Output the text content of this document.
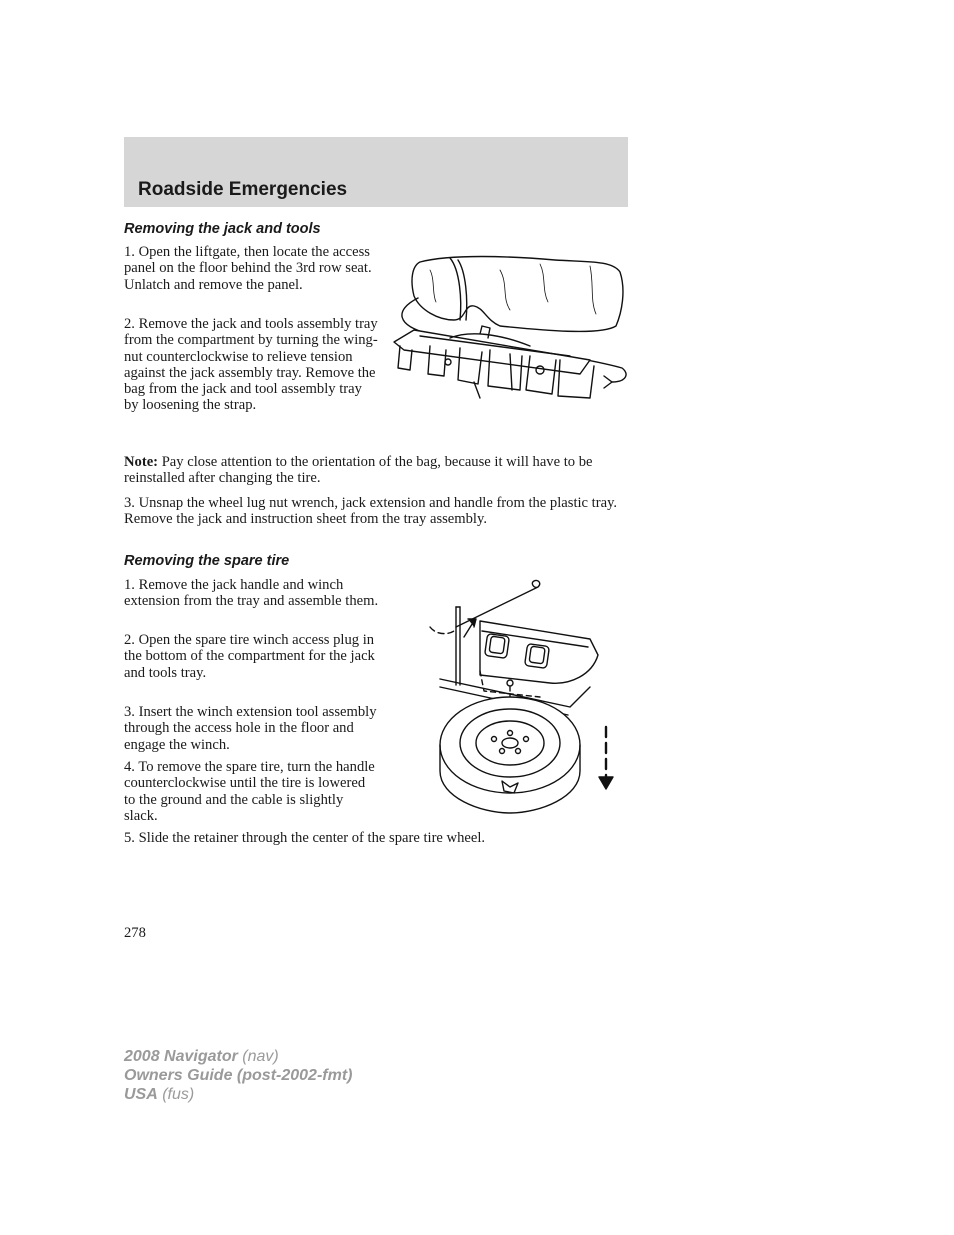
Roadside Emergencies
Removing the jack and tools

1. Open the liftgate, then locate the access panel on the floor behind the 3rd row seat. Unlatch and remove the panel.

2. Remove the jack and tools assembly tray from the compartment by turning the wing-nut counterclockwise to relieve tension against the jack assembly tray. Remove the bag from the jack and tool assembly tray by loosening the strap.

Note: Pay close attention to the orientation of the bag, because it will have to be reinstalled after changing the tire.

3. Unsnap the wheel lug nut wrench, jack extension and handle from the plastic tray. Remove the jack and instruction sheet from the tray assembly.

Removing the spare tire

1. Remove the jack handle and winch extension from the tray and assemble them.

2. Open the spare tire winch access plug in the bottom of the compartment for the jack and tools tray.

3. Insert the winch extension tool assembly through the access hole in the floor and engage the winch.

4. To remove the spare tire, turn the handle counterclockwise until the tire is lowered to the ground and the cable is slightly slack.

5. Slide the retainer through the center of the spare tire wheel.

278
2008 Navigator (nav)
Owners Guide (post-2002-fmt)
USA (fus)
